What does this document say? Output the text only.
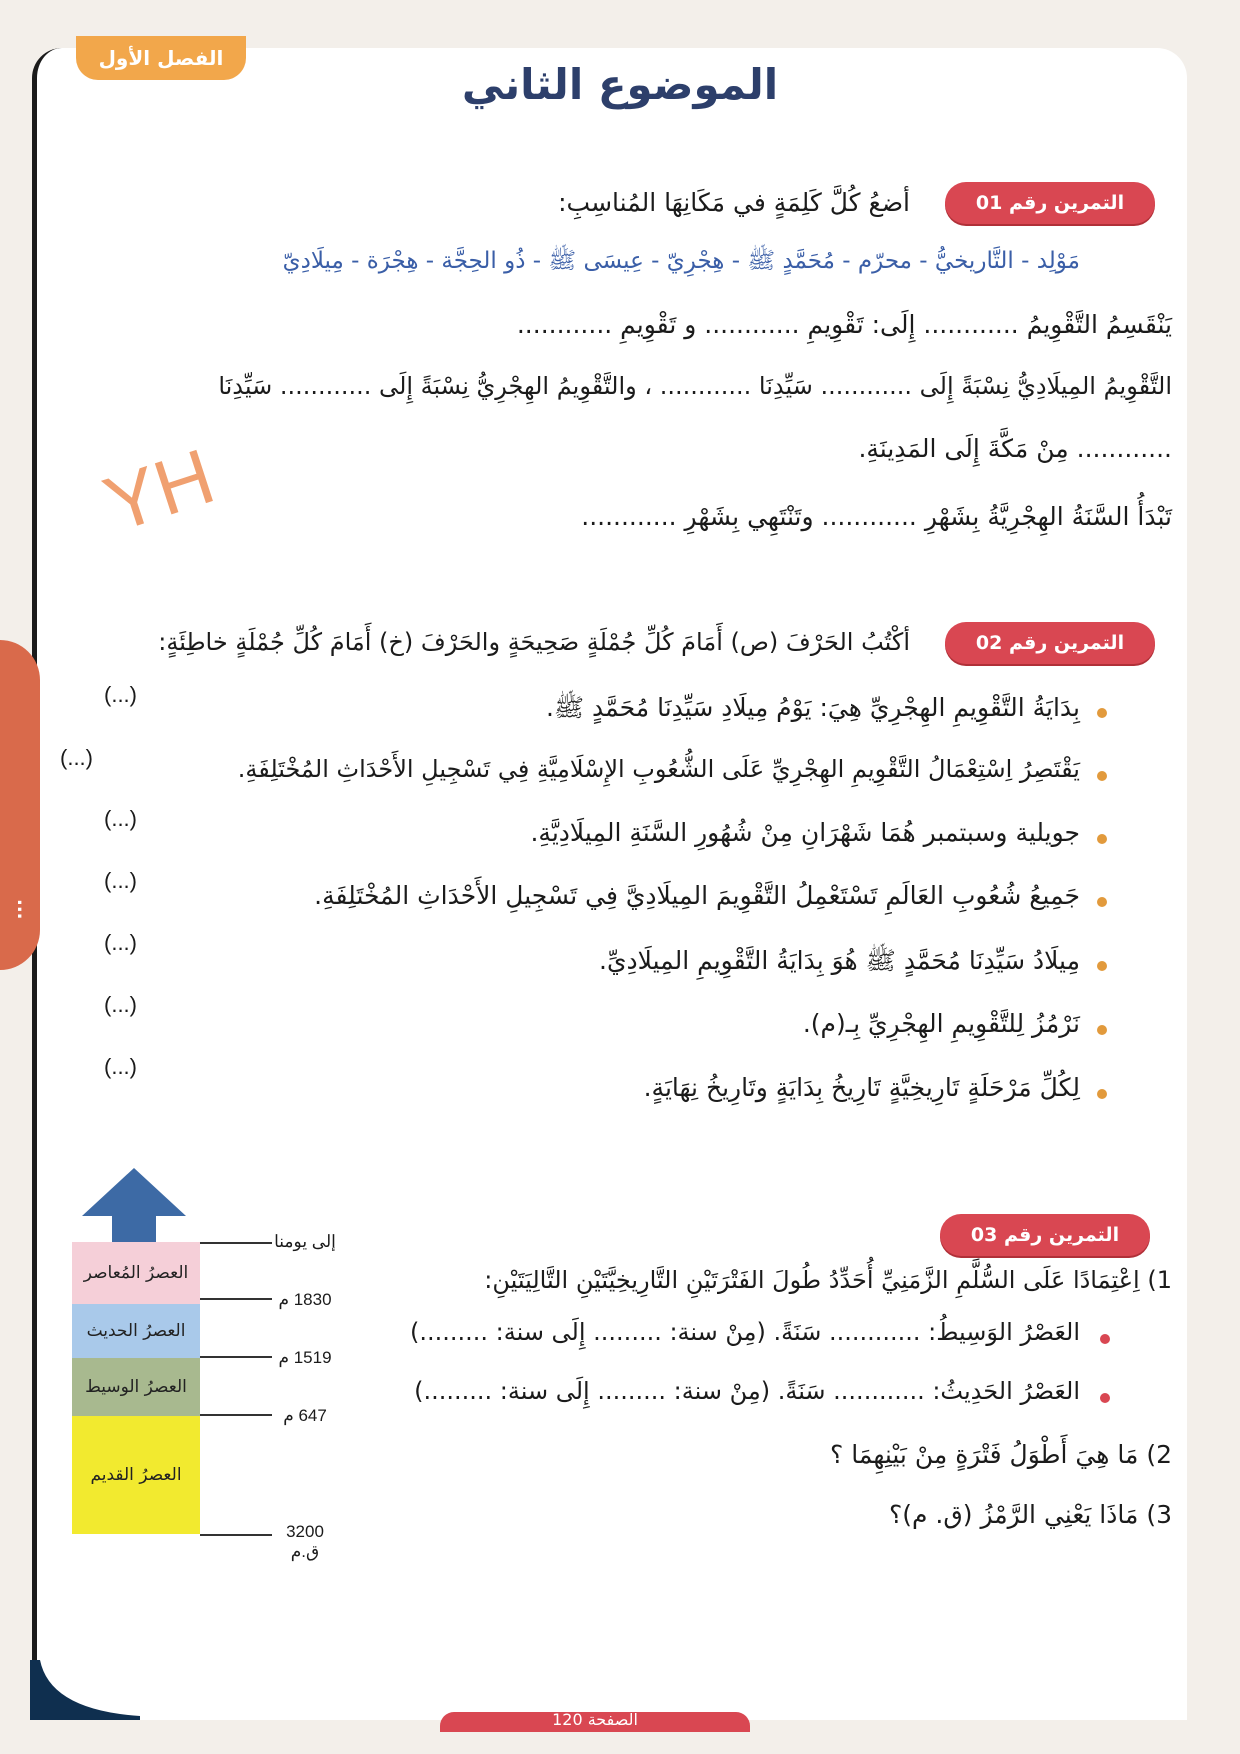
...
الفصل الأول
الموضوع الثاني
YH
التمرين رقم 01
أضعُ كُلَّ كَلِمَةٍ في مَكَانِهَا المُناسِبِ:
مَوْلِد - التَّاريخيُّ - محرّم - مُحَمَّدٍ ﷺ - هِجْرِيّ - عِيسَى ﷺ - ذُو الحِجَّة - هِجْرَة - مِيلَادِيّ
يَنْقَسِمُ التَّقْوِيمُ ............ إِلَى: تَقْوِيمِ ............ و تَقْوِيمِ ............
التَّقْوِيمُ المِيلَادِيُّ نِسْبَةً إِلَى ............ سَيِّدِنَا ............ ، والتَّقْوِيمُ الهِجْرِيُّ نِسْبَةً إِلَى ............ سَيِّدِنَا
............ مِنْ مَكَّةَ إِلَى المَدِينَةِ.
تَبْدَأُ السَّنَةُ الهِجْرِيَّةُ بِشَهْرِ ............ وتَنْتَهِي بِشَهْرِ ............
التمرين رقم 02
أكْتُبُ الحَرْفَ (ص) أَمَامَ كُلِّ جُمْلَةٍ صَحِيحَةٍ والحَرْفَ (خ) أَمَامَ كُلِّ جُمْلَةٍ خاطِئَةٍ:
بِدَايَةُ التَّقْوِيمِ الهِجْرِيِّ هِيَ: يَوْمُ مِيلَادِ سَيِّدِنَا مُحَمَّدٍ ﷺ.
(...)
يَقْتَصِرُ اِسْتِعْمَالُ التَّقْوِيمِ الهِجْرِيِّ عَلَى الشُّعُوبِ الإِسْلَامِيَّةِ فِي تَسْجِيلِ الأَحْدَاثِ المُخْتَلِفَةِ.
(...)
جويلية وسبتمبر هُمَا شَهْرَانِ مِنْ شُهُورِ السَّنَةِ المِيلَادِيَّةِ.
(...)
جَمِيعُ شُعُوبِ العَالَمِ تَسْتَعْمِلُ التَّقْوِيمَ المِيلَادِيَّ فِي تَسْجِيلِ الأَحْدَاثِ المُخْتَلِفَةِ.
(...)
مِيلَادُ سَيِّدِنَا مُحَمَّدٍ ﷺ هُوَ بِدَايَةُ التَّقْوِيمِ المِيلَادِيِّ.
(...)
نَرْمُزُ لِلتَّقْوِيمِ الهِجْرِيِّ بِـ(م).
(...)
لِكُلِّ مَرْحَلَةٍ تَارِيخِيَّةٍ تَارِيخُ بِدَايَةٍ وتَارِيخُ نِهَايَةٍ.
(...)
العصرُ المُعاصر
العصرُ الحديث
العصرُ الوسيط
العصرُ القديم
إلى يومنا
1830 م
1519 م
647 م
3200 ق.م
التمرين رقم 03
1) اِعْتِمَادًا عَلَى السُّلَّمِ الزَّمَنِيِّ أُحَدِّدُ طُولَ الفَتْرَتَيْنِ التَّارِيخِيَّتَيْنِ التَّالِيَتَيْنِ:
العَصْرُ الوَسِيطُ: ............ سَنَةً. (مِنْ سنة: ......... إِلَى سنة: .........)
العَصْرُ الحَدِيثُ: ............ سَنَةً. (مِنْ سنة: ......... إِلَى سنة: .........)
2) مَا هِيَ أَطْوَلُ فَتْرَةٍ مِنْ بَيْنِهِمَا ؟
3) مَاذَا يَعْنِي الرَّمْزُ (ق. م)؟
الصفحة 120
